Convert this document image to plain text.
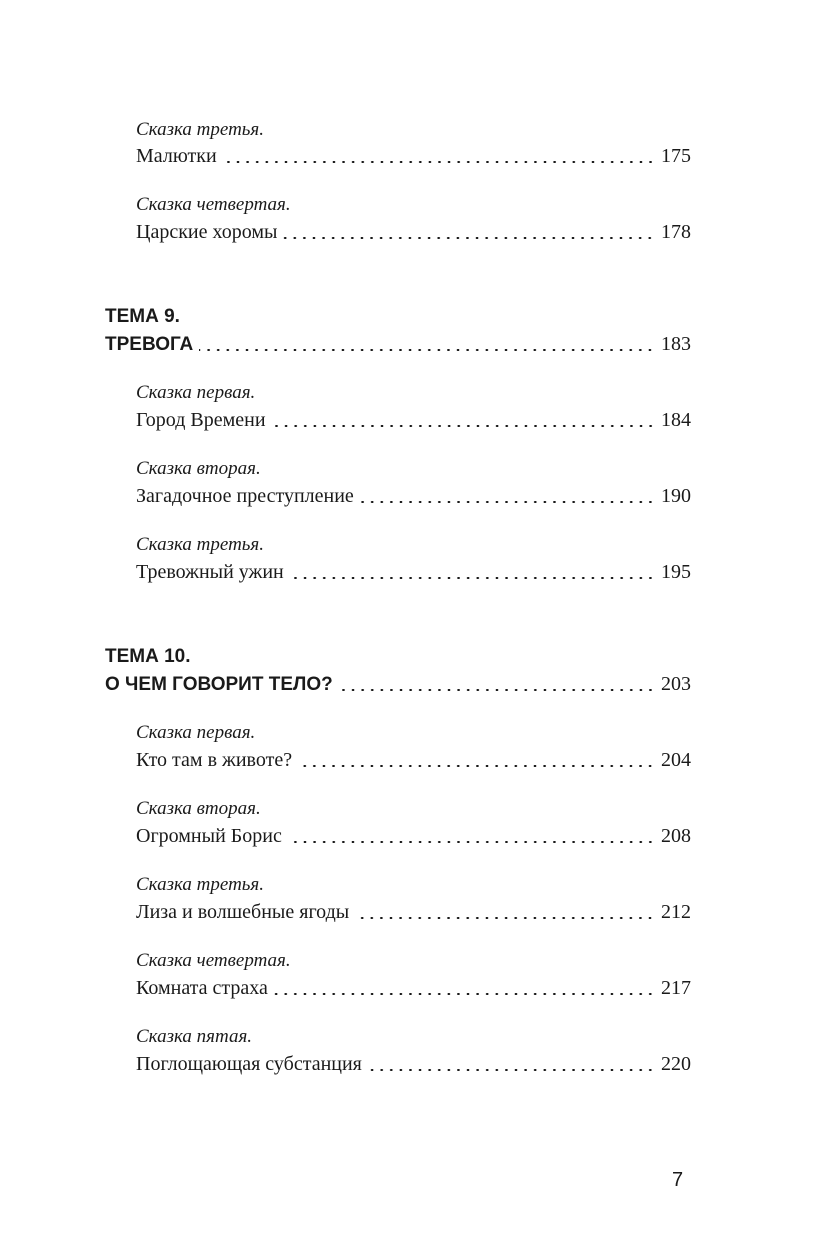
Сказка третья.
Малютки	175
Сказка четвертая.
Царские хоромы	178
ТЕМА 9.
ТРЕВОГА	183
Сказка первая.
Город Времени	184
Сказка вторая.
Загадочное преступление	190
Сказка третья.
Тревожный ужин	195
ТЕМА 10.
О ЧЕМ ГОВОРИТ ТЕЛО?	203
Сказка первая.
Кто там в животе?	204
Сказка вторая.
Огромный Борис	208
Сказка третья.
Лиза и волшебные ягоды	212
Сказка четвертая.
Комната страха	217
Сказка пятая.
Поглощающая субстанция	220
7
